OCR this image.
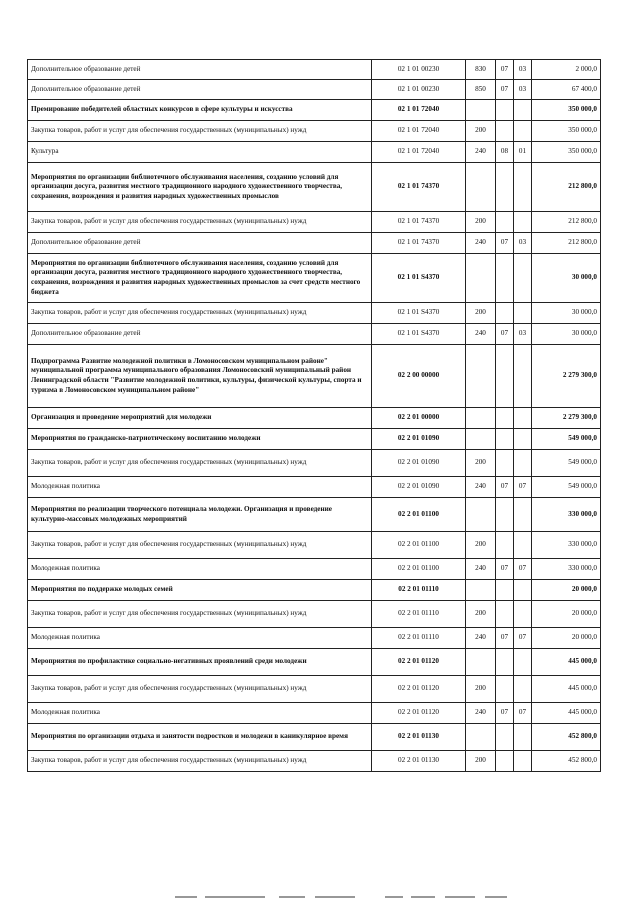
Дополнительное образование детей	02 1 01 00230	830	07	03	2 000,0
Дополнительное образование детей	02 1 01 00230	850	07	03	67 400,0
Премирование победителей областных конкурсов в сфере культуры и искусства	02 1 01 72040				350 000,0
Закупка товаров, работ и услуг для обеспечения государственных (муниципальных) нужд	02 1 01 72040	200			350 000,0
Культура	02 1 01 72040	240	08	01	350 000,0
Мероприятия по организации библиотечного обслуживания населения, созданию условий для организации досуга, развития местного традиционного народного художественного творчества, сохранения, возрождения и развития народных художественных промыслов	02 1 01 74370				212 800,0
Закупка товаров, работ и услуг для обеспечения государственных (муниципальных) нужд	02 1 01 74370	200			212 800,0
Дополнительное образование детей	02 1 01 74370	240	07	03	212 800,0
Мероприятия по организации библиотечного обслуживания населения, созданию условий для организации досуга, развития местного традиционного народного художественного творчества, сохранения, возрождения и развития народных художественных промыслов за счет средств местного бюджета	02 1 01 S4370				30 000,0
Закупка товаров, работ и услуг для обеспечения государственных (муниципальных) нужд	02 1 01 S4370	200			30 000,0
Дополнительное образование детей	02 1 01 S4370	240	07	03	30 000,0
Подпрограмма Развитие молодежной политики в Ломоносовском муниципальном районе" муниципальной программа муниципального образования Ломоносовский муниципальный район Ленинградской области "Развитие молодежной политики, культуры, физической культуры, спорта и туризма в Ломоносовском муниципальном районе"	02 2 00 00000				2 279 300,0
Организация и проведение мероприятий для молодежи	02 2 01 00000				2 279 300,0
Мероприятия по гражданско-патриотическому воспитанию молодежи	02 2 01 01090				549 000,0
Закупка товаров, работ и услуг для обеспечения государственных (муниципальных) нужд	02 2 01 01090	200			549 000,0
Молодежная политика	02 2 01 01090	240	07	07	549 000,0
Мероприятия по реализации творческого потенциала молодежи. Организация и проведение культурно-массовых молодежных мероприятий	02 2 01 01100				330 000,0
Закупка товаров, работ и услуг для обеспечения государственных (муниципальных) нужд	02 2 01 01100	200			330 000,0
Молодежная политика	02 2 01 01100	240	07	07	330 000,0
Мероприятия по поддержке молодых семей	02 2 01 01110				20 000,0
Закупка товаров, работ и услуг для обеспечения государственных (муниципальных) нужд	02 2 01 01110	200			20 000,0
Молодежная политика	02 2 01 01110	240	07	07	20 000,0
Мероприятия по профилактике социально-негативных проявлений среди молодежи	02 2 01 01120				445 000,0
Закупка товаров, работ и услуг для обеспечения государственных (муниципальных) нужд	02 2 01 01120	200			445 000,0
Молодежная политика	02 2 01 01120	240	07	07	445 000,0
Мероприятия по организации отдыха и занятости подростков и молодежи в каникулярное время	02 2 01 01130				452 800,0
Закупка товаров, работ и услуг для обеспечения государственных (муниципальных) нужд	02 2 01 01130	200			452 800,0
